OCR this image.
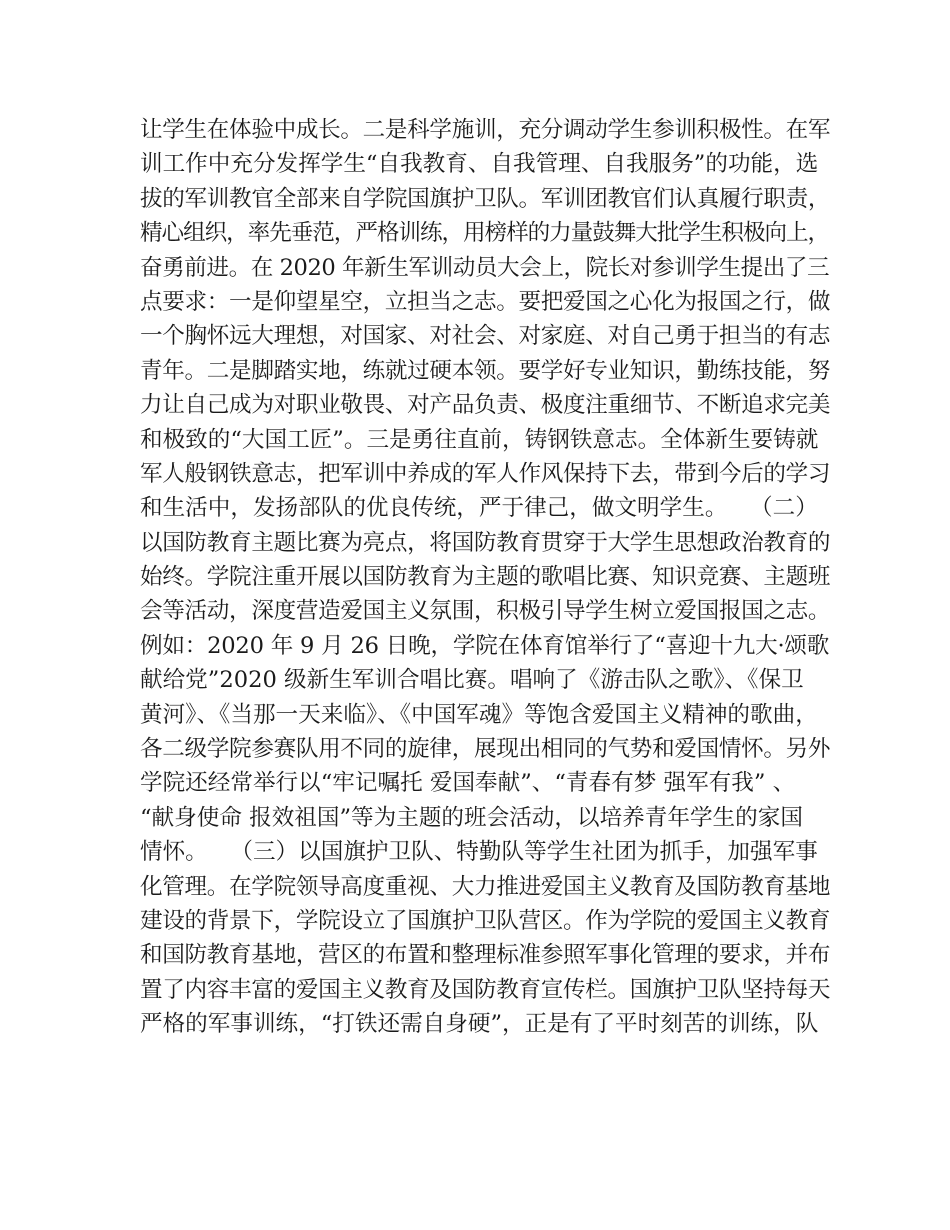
让学生在体验中成长。二是科学施训，充分调动学生参训积极性。在军
训工作中充分发挥学生“自我教育、自我管理、自我服务”的功能，选
拔的军训教官全部来自学院国旗护卫队。军训团教官们认真履行职责，
精心组织，率先垂范，严格训练，用榜样的力量鼓舞大批学生积极向上，
奋勇前进。在 2020 年新生军训动员大会上，院长对参训学生提出了三
点要求：一是仰望星空，立担当之志。要把爱国之心化为报国之行，做
一个胸怀远大理想，对国家、对社会、对家庭、对自己勇于担当的有志
青年。二是脚踏实地，练就过硬本领。要学好专业知识，勤练技能，努
力让自己成为对职业敬畏、对产品负责、极度注重细节、不断追求完美
和极致的“大国工匠”。三是勇往直前，铸钢铁意志。全体新生要铸就
军人般钢铁意志，把军训中养成的军人作风保持下去，带到今后的学习
和生活中，发扬部队的优良传统，严于律己，做文明学生。　　（二）
以国防教育主题比赛为亮点，将国防教育贯穿于大学生思想政治教育的
始终。学院注重开展以国防教育为主题的歌唱比赛、知识竞赛、主题班
会等活动，深度营造爱国主义氛围，积极引导学生树立爱国报国之志。
例如：2020 年 9 月 26 日晚，学院在体育馆举行了“喜迎十九大·颂歌
献给党”2020 级新生军训合唱比赛。唱响了《游击队之歌》、《保卫
黄河》、《当那一天来临》、《中国军魂》等饱含爱国主义精神的歌曲，
各二级学院参赛队用不同的旋律，展现出相同的气势和爱国情怀。另外
学院还经常举行以“牢记嘱托 爱国奉献”、“青春有梦 强军有我” 、
“献身使命 报效祖国”等为主题的班会活动，以培养青年学生的家国
情怀。　　（三）以国旗护卫队、特勤队等学生社团为抓手，加强军事
化管理。在学院领导高度重视、大力推进爱国主义教育及国防教育基地
建设的背景下，学院设立了国旗护卫队营区。作为学院的爱国主义教育
和国防教育基地，营区的布置和整理标准参照军事化管理的要求，并布
置了内容丰富的爱国主义教育及国防教育宣传栏。国旗护卫队坚持每天
严格的军事训练，“打铁还需自身硬”，正是有了平时刻苦的训练，队
